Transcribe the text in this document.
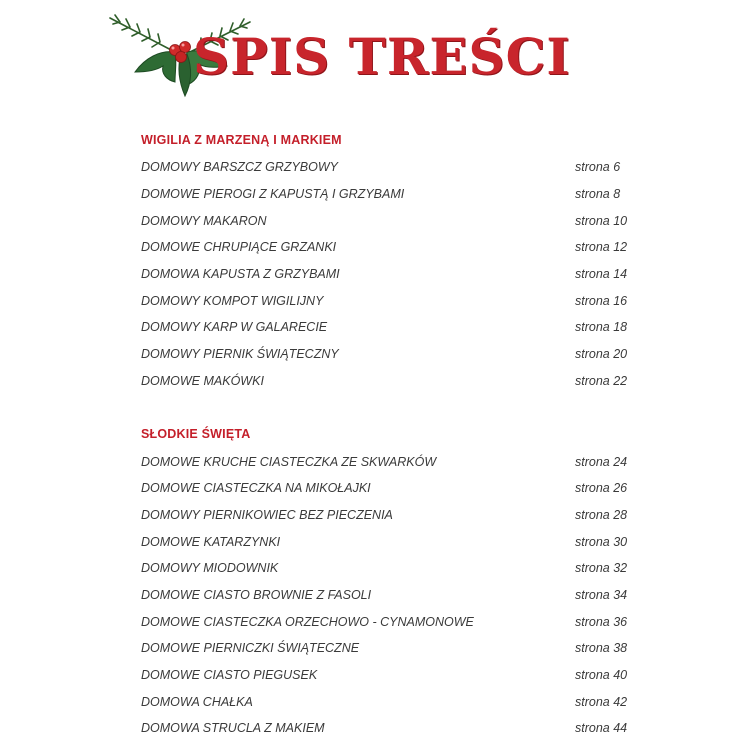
SPIS TREŚCI
WIGILIA Z MARZENĄ I MARKIEM
DOMOWY BARSZCZ GRZYBOWY	strona 6
DOMOWE PIEROGI Z KAPUSTĄ I GRZYBAMI	strona 8
DOMOWY MAKARON	strona 10
DOMOWE CHRUPIĄCE GRZANKI	strona 12
DOMOWA KAPUSTA Z GRZYBAMI	strona 14
DOMOWY KOMPOT WIGILIJNY	strona 16
DOMOWY KARP W GALARECIE	strona 18
DOMOWY PIERNIK ŚWIĄTECZNY	strona 20
DOMOWE MAKÓWKI	strona 22
SŁODKIE ŚWIĘTA
DOMOWE KRUCHE CIASTECZKA ZE SKWARKÓW	strona 24
DOMOWE CIASTECZKA NA MIKOŁAJKI	strona 26
DOMOWY PIERNIKOWIEC BEZ PIECZENIA	strona 28
DOMOWE KATARZYNKI	strona 30
DOMOWY MIODOWNIK	strona 32
DOMOWE CIASTO BROWNIE Z FASOLI	strona 34
DOMOWE CIASTECZKA ORZECHOWO - CYNAMONOWE	strona 36
DOMOWE PIERNICZKI ŚWIĄTECZNE	strona 38
DOMOWE CIASTO PIEGUSEK	strona 40
DOMOWA CHAŁKA	strona 42
DOMOWA STRUCLA Z MAKIEM	strona 44
